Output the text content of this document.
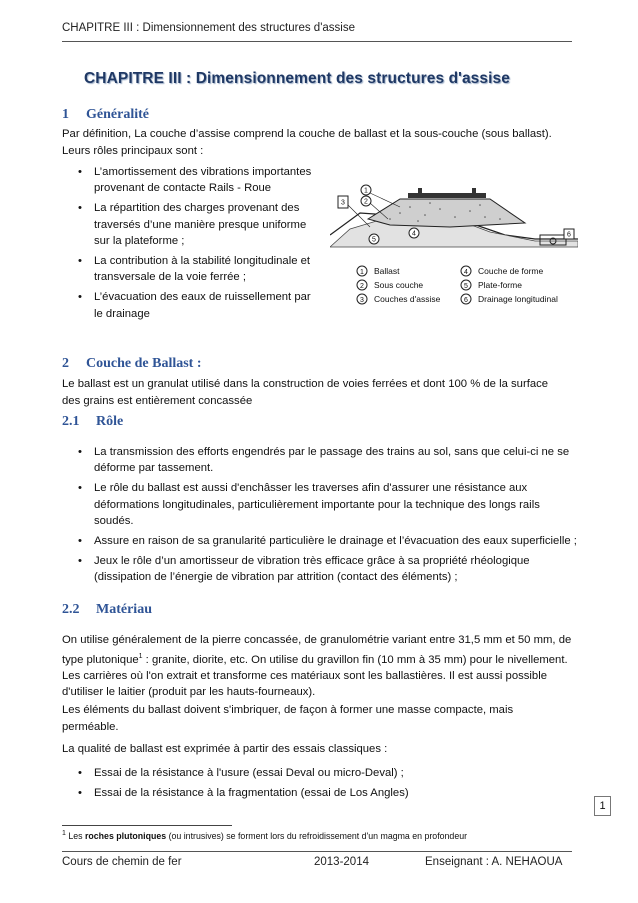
CHAPITRE III : Dimensionnement des structures d'assise
CHAPITRE III : Dimensionnement des structures d'assise
1 Généralité
Par définition, La couche d’assise comprend la couche de ballast et la sous-couche (sous ballast). Leurs rôles principaux sont :
• L’amortissement des vibrations importantes provenant de contacte Rails - Roue
• La répartition des charges provenant des traversés d’une manière presque uniforme sur la plateforme ;
• La contribution à la stabilité longitudinale et transversale de la voie ferrée ;
• L’évacuation des eaux de ruissellement par le drainage
1
2
3
4
5
6
1 Ballast
2 Sous couche
3 Couches d'assise
4 Couche de forme
5 Plate-forme
6 Drainage longitudinal
2 Couche de Ballast :
Le ballast est un granulat utilisé dans la construction de voies ferrées et dont 100 % de la surface des grains est entièrement concassée
2.1 Rôle
• La transmission des efforts engendrés par le passage des trains au sol, sans que celui-ci ne se déforme par tassement.
• Le rôle du ballast est aussi d'enchâsser les traverses afin d'assurer une résistance aux déformations longitudinales, particulièrement importante pour la technique des longs rails soudés.
• Assure en raison de sa granularité particulière le drainage et l’évacuation des eaux superficielle ;
• Jeux le rôle d’un amortisseur de vibration très efficace grâce à sa propriété rhéologique (dissipation de l’énergie de vibration par attrition (contact des éléments) ;
2.2 Matériau
On utilise généralement de la pierre concassée, de granulométrie variant entre 31,5 mm et 50 mm, de type plutonique$^1$ : granite, diorite, etc. On utilise du gravillon fin (10 mm à 35 mm) pour le nivellement. Les carrières où l'on extrait et transforme ces matériaux sont les ballastières. Il est aussi possible d'utiliser le laitier (produit par les hauts-fourneaux).
Les éléments du ballast doivent s'imbriquer, de façon à former une masse compacte, mais perméable.
La qualité de ballast est exprimée à partir des essais classiques :
• Essai de la résistance à l'usure (essai Deval ou micro-Deval) ;
• Essai de la résistance à la fragmentation (essai de Los Angles)
1
$^1$ Les roches plutoniques (ou intrusives) se forment lors du refroidissement d'un magma en profondeur
Cours de chemin de fer	2013-2014	Enseignant : A. NEHAOUA
